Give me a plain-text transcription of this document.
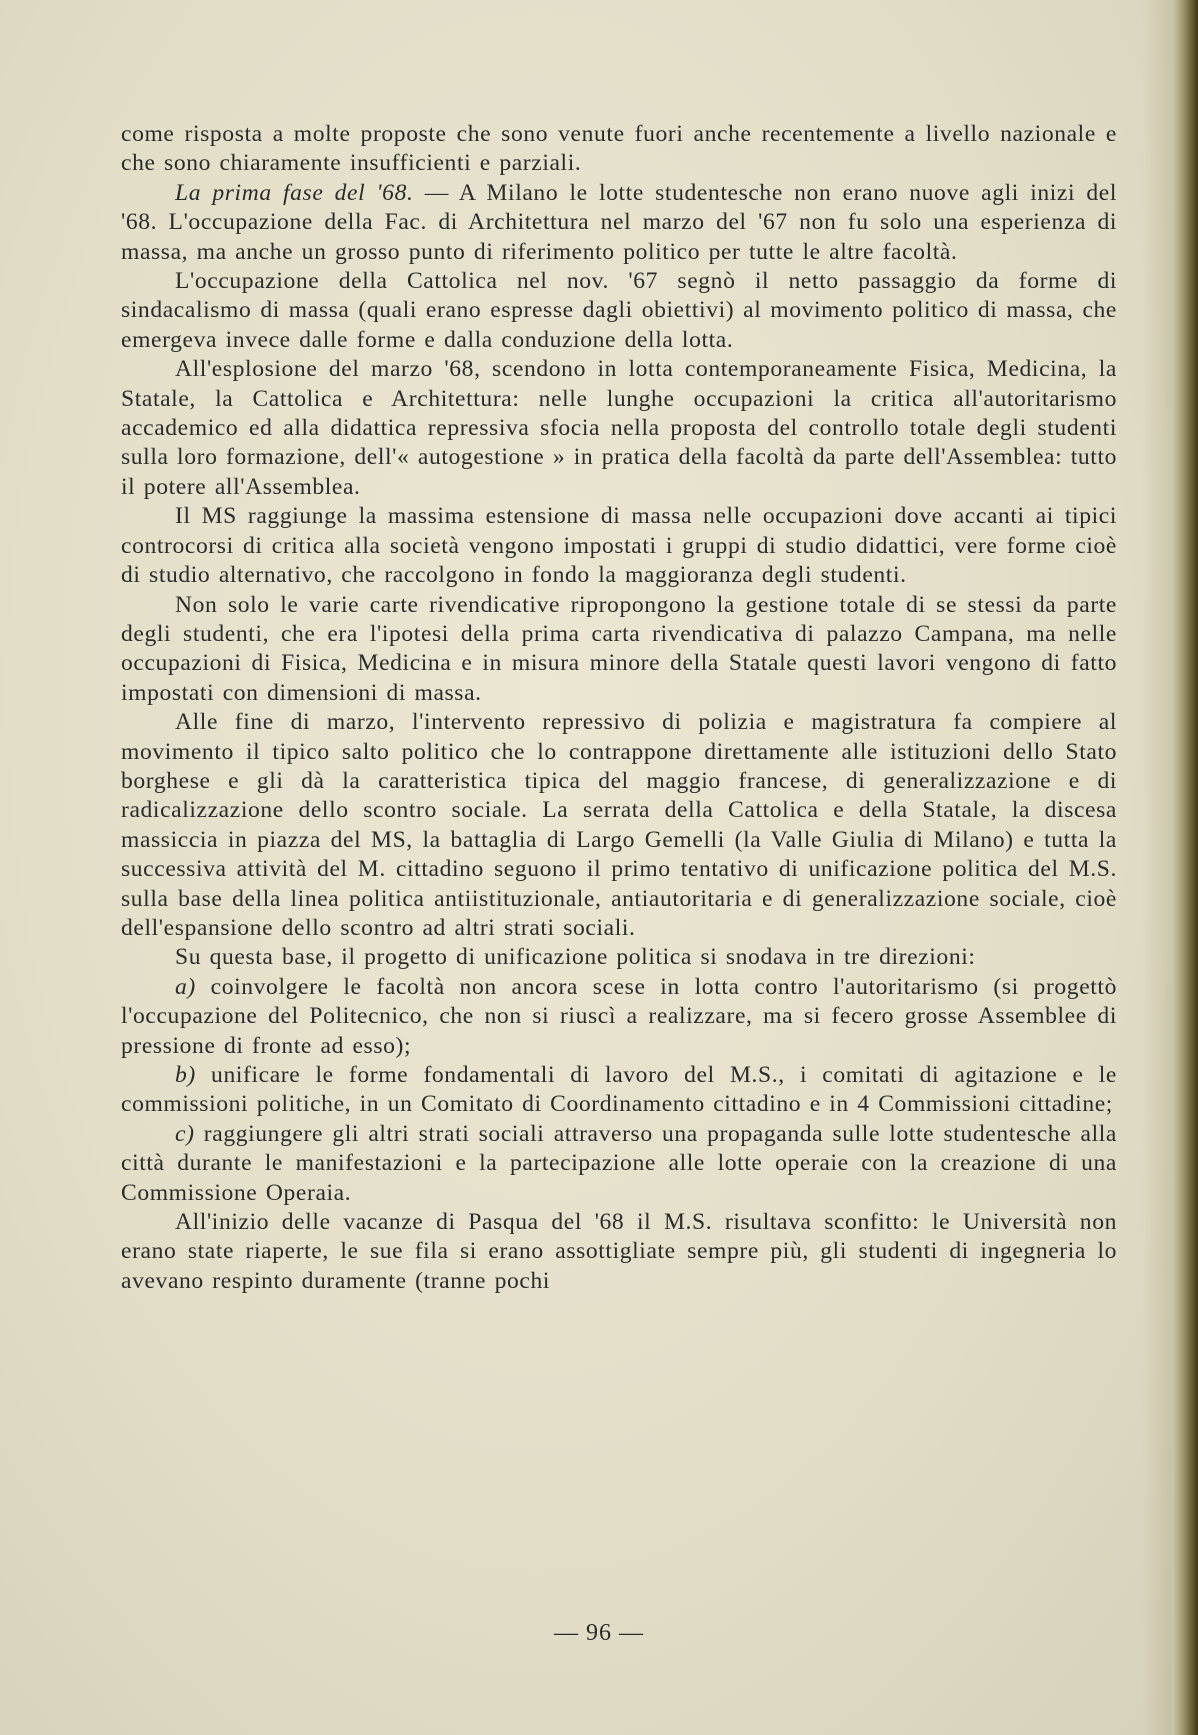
come risposta a molte proposte che sono venute fuori anche recentemente a livello nazionale e che sono chiaramente insufficienti e parziali.

La prima fase del '68. — A Milano le lotte studentesche non erano nuove agli inizi del '68. L'occupazione della Fac. di Architettura nel marzo del '67 non fu solo una esperienza di massa, ma anche un grosso punto di riferimento politico per tutte le altre facoltà.

L'occupazione della Cattolica nel nov. '67 segnò il netto passaggio da forme di sindacalismo di massa (quali erano espresse dagli obiettivi) al movimento politico di massa, che emergeva invece dalle forme e dalla conduzione della lotta.

All'esplosione del marzo '68, scendono in lotta contemporaneamente Fisica, Medicina, la Statale, la Cattolica e Architettura: nelle lunghe occupazioni la critica all'autoritarismo accademico ed alla didattica repressiva sfocia nella proposta del controllo totale degli studenti sulla loro formazione, dell'« autogestione » in pratica della facoltà da parte dell'Assemblea: tutto il potere all'Assemblea.

Il MS raggiunge la massima estensione di massa nelle occupazioni dove accanti ai tipici controcorsi di critica alla società vengono impostati i gruppi di studio didattici, vere forme cioè di studio alternativo, che raccolgono in fondo la maggioranza degli studenti.

Non solo le varie carte rivendicative ripropongono la gestione totale di se stessi da parte degli studenti, che era l'ipotesi della prima carta rivendicativa di palazzo Campana, ma nelle occupazioni di Fisica, Medicina e in misura minore della Statale questi lavori vengono di fatto impostati con dimensioni di massa.

Alle fine di marzo, l'intervento repressivo di polizia e magistratura fa compiere al movimento il tipico salto politico che lo contrappone direttamente alle istituzioni dello Stato borghese e gli dà la caratteristica tipica del maggio francese, di generalizzazione e di radicalizzazione dello scontro sociale. La serrata della Cattolica e della Statale, la discesa massiccia in piazza del MS, la battaglia di Largo Gemelli (la Valle Giulia di Milano) e tutta la successiva attività del M. cittadino seguono il primo tentativo di unificazione politica del M.S. sulla base della linea politica antiistituzionale, antiautoritaria e di generalizzazione sociale, cioè dell'espansione dello scontro ad altri strati sociali.

Su questa base, il progetto di unificazione politica si snodava in tre direzioni:

a) coinvolgere le facoltà non ancora scese in lotta contro l'autoritarismo (si progettò l'occupazione del Politecnico, che non si riuscì a realizzare, ma si fecero grosse Assemblee di pressione di fronte ad esso);

b) unificare le forme fondamentali di lavoro del M.S., i comitati di agitazione e le commissioni politiche, in un Comitato di Coordinamento cittadino e in 4 Commissioni cittadine;

c) raggiungere gli altri strati sociali attraverso una propaganda sulle lotte studentesche alla città durante le manifestazioni e la partecipazione alle lotte operaie con la creazione di una Commissione Operaia.

All'inizio delle vacanze di Pasqua del '68 il M.S. risultava sconfitto: le Università non erano state riaperte, le sue fila si erano assottigliate sempre più, gli studenti di ingegneria lo avevano respinto duramente (tranne pochi

— 96 —
